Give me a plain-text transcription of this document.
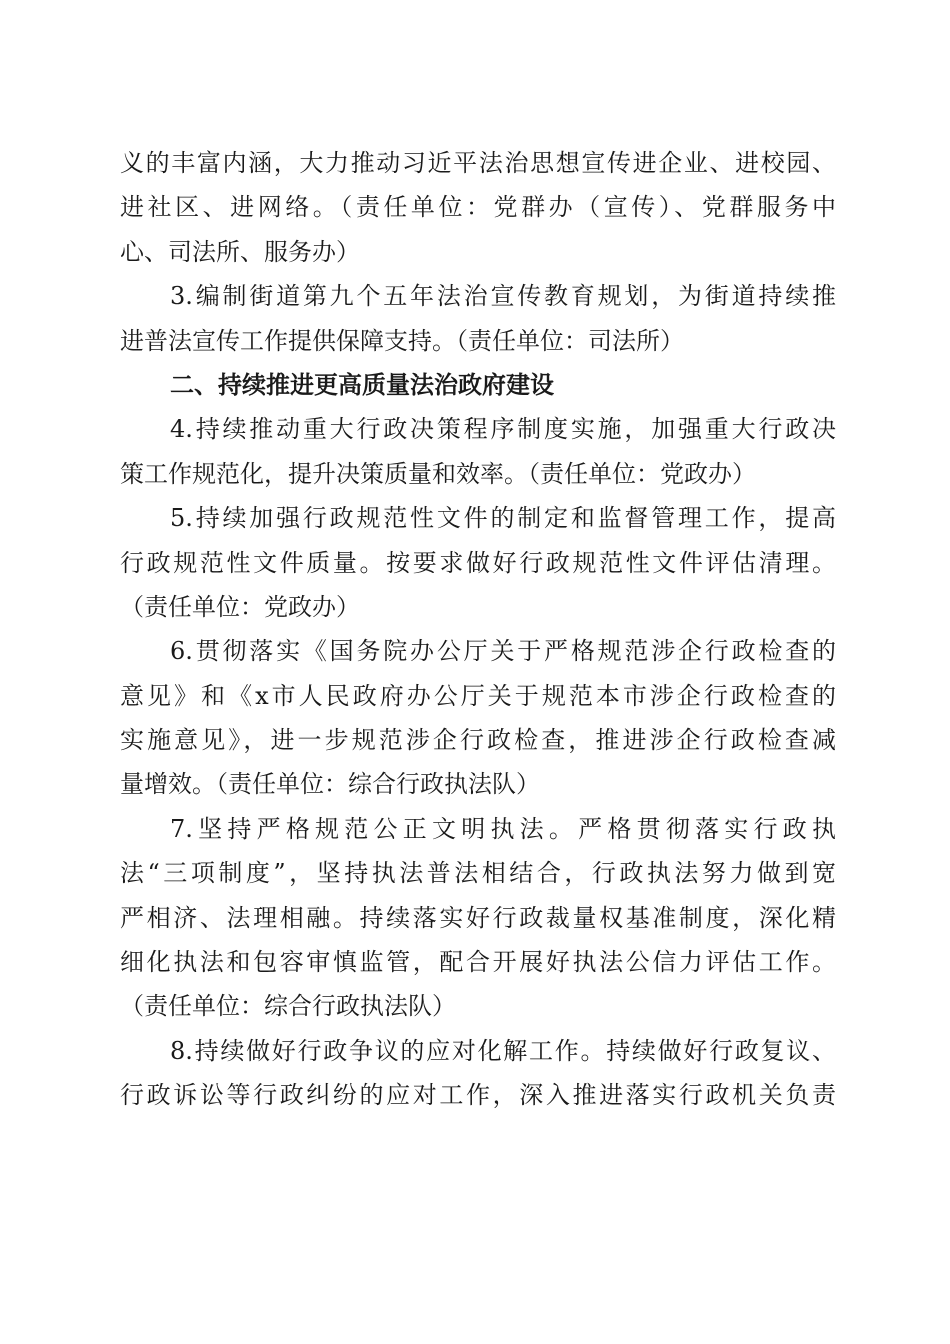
义的丰富内涵，大力推动习近平法治思想宣传进企业、进校园、
进社区、进网络。（责任单位：党群办（宣传）、党群服务中
心、司法所、服务办）
3.编制街道第九个五年法治宣传教育规划，为街道持续推
进普法宣传工作提供保障支持。（责任单位：司法所）
二、持续推进更高质量法治政府建设
4.持续推动重大行政决策程序制度实施，加强重大行政决
策工作规范化，提升决策质量和效率。（责任单位：党政办）
5.持续加强行政规范性文件的制定和监督管理工作，提高
行政规范性文件质量。按要求做好行政规范性文件评估清理。
（责任单位：党政办）
6.贯彻落实《国务院办公厅关于严格规范涉企行政检查的
意见》和《x市人民政府办公厅关于规范本市涉企行政检查的
实施意见》，进一步规范涉企行政检查，推进涉企行政检查减
量增效。（责任单位：综合行政执法队）
7.坚持严格规范公正文明执法。严格贯彻落实行政执
法“三项制度”，坚持执法普法相结合，行政执法努力做到宽
严相济、法理相融。持续落实好行政裁量权基准制度，深化精
细化执法和包容审慎监管，配合开展好执法公信力评估工作。
（责任单位：综合行政执法队）
8.持续做好行政争议的应对化解工作。持续做好行政复议、
行政诉讼等行政纠纷的应对工作，深入推进落实行政机关负责
